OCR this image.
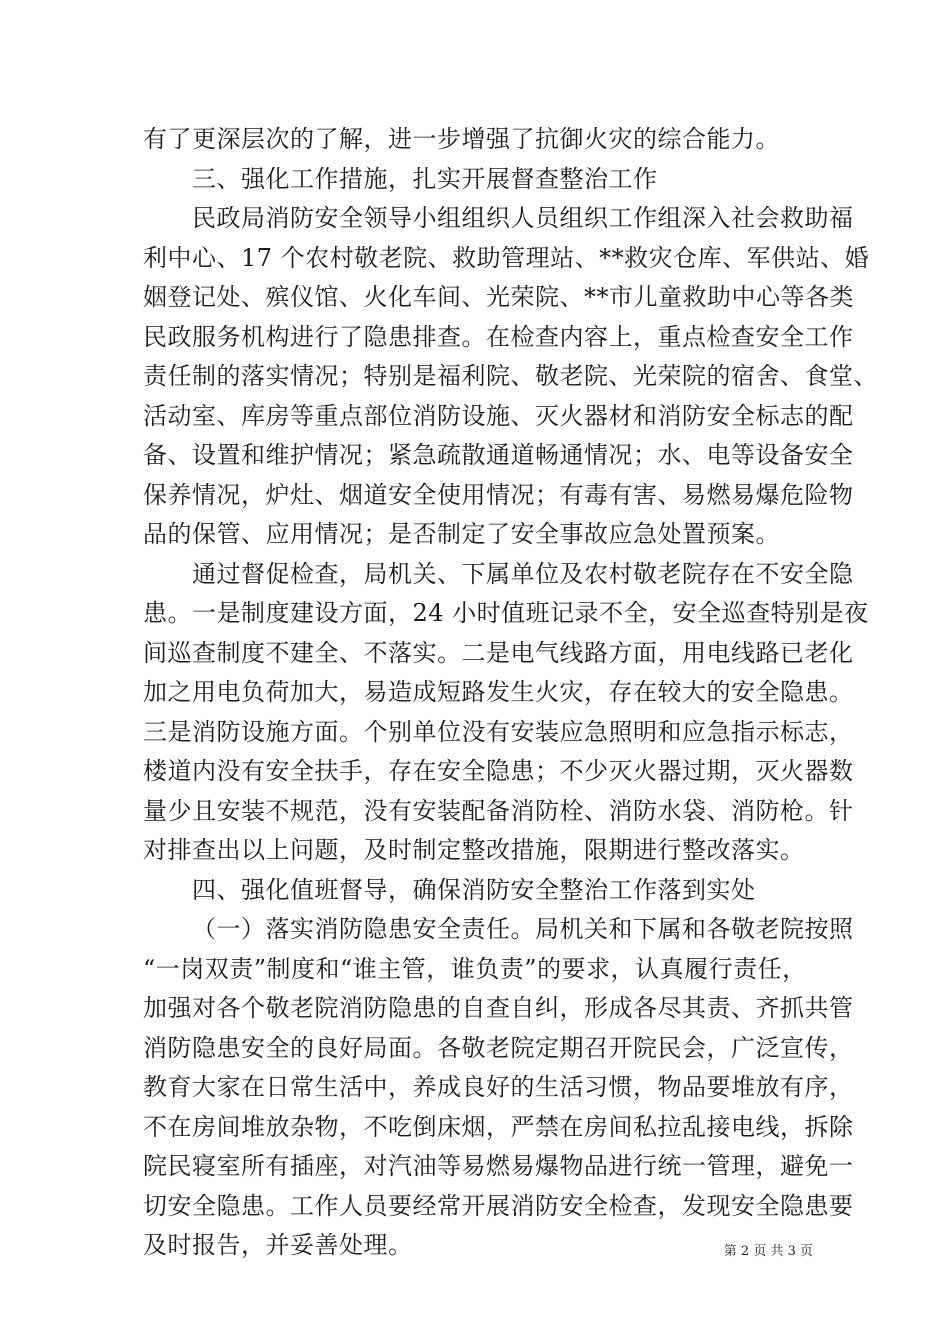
有了更深层次的了解，进一步增强了抗御火灾的综合能力。
三、强化工作措施，扎实开展督查整治工作
民政局消防安全领导小组组织人员组织工作组深入社会救助福
利中心、17 个农村敬老院、救助管理站、**救灾仓库、军供站、婚
姻登记处、殡仪馆、火化车间、光荣院、**市儿童救助中心等各类
民政服务机构进行了隐患排查。在检查内容上，重点检查安全工作
责任制的落实情况；特别是福利院、敬老院、光荣院的宿舍、食堂、
活动室、库房等重点部位消防设施、灭火器材和消防安全标志的配
备、设置和维护情况；紧急疏散通道畅通情况；水、电等设备安全
保养情况，炉灶、烟道安全使用情况；有毒有害、易燃易爆危险物
品的保管、应用情况；是否制定了安全事故应急处置预案。
通过督促检查，局机关、下属单位及农村敬老院存在不安全隐
患。一是制度建设方面，24 小时值班记录不全，安全巡查特别是夜
间巡查制度不建全、不落实。二是电气线路方面，用电线路已老化
加之用电负荷加大，易造成短路发生火灾，存在较大的安全隐患。
三是消防设施方面。个别单位没有安装应急照明和应急指示标志，
楼道内没有安全扶手，存在安全隐患；不少灭火器过期，灭火器数
量少且安装不规范，没有安装配备消防栓、消防水袋、消防枪。针
对排查出以上问题，及时制定整改措施，限期进行整改落实。
四、强化值班督导，确保消防安全整治工作落到实处
（一）落实消防隐患安全责任。局机关和下属和各敬老院按照
“一岗双责”制度和“谁主管，谁负责”的要求，认真履行责任，
加强对各个敬老院消防隐患的自查自纠，形成各尽其责、齐抓共管
消防隐患安全的良好局面。各敬老院定期召开院民会，广泛宣传，
教育大家在日常生活中，养成良好的生活习惯，物品要堆放有序，
不在房间堆放杂物，不吃倒床烟，严禁在房间私拉乱接电线，拆除
院民寝室所有插座，对汽油等易燃易爆物品进行统一管理，避免一
切安全隐患。工作人员要经常开展消防安全检查，发现安全隐患要
及时报告，并妥善处理。	第 2 页 共 3 页
